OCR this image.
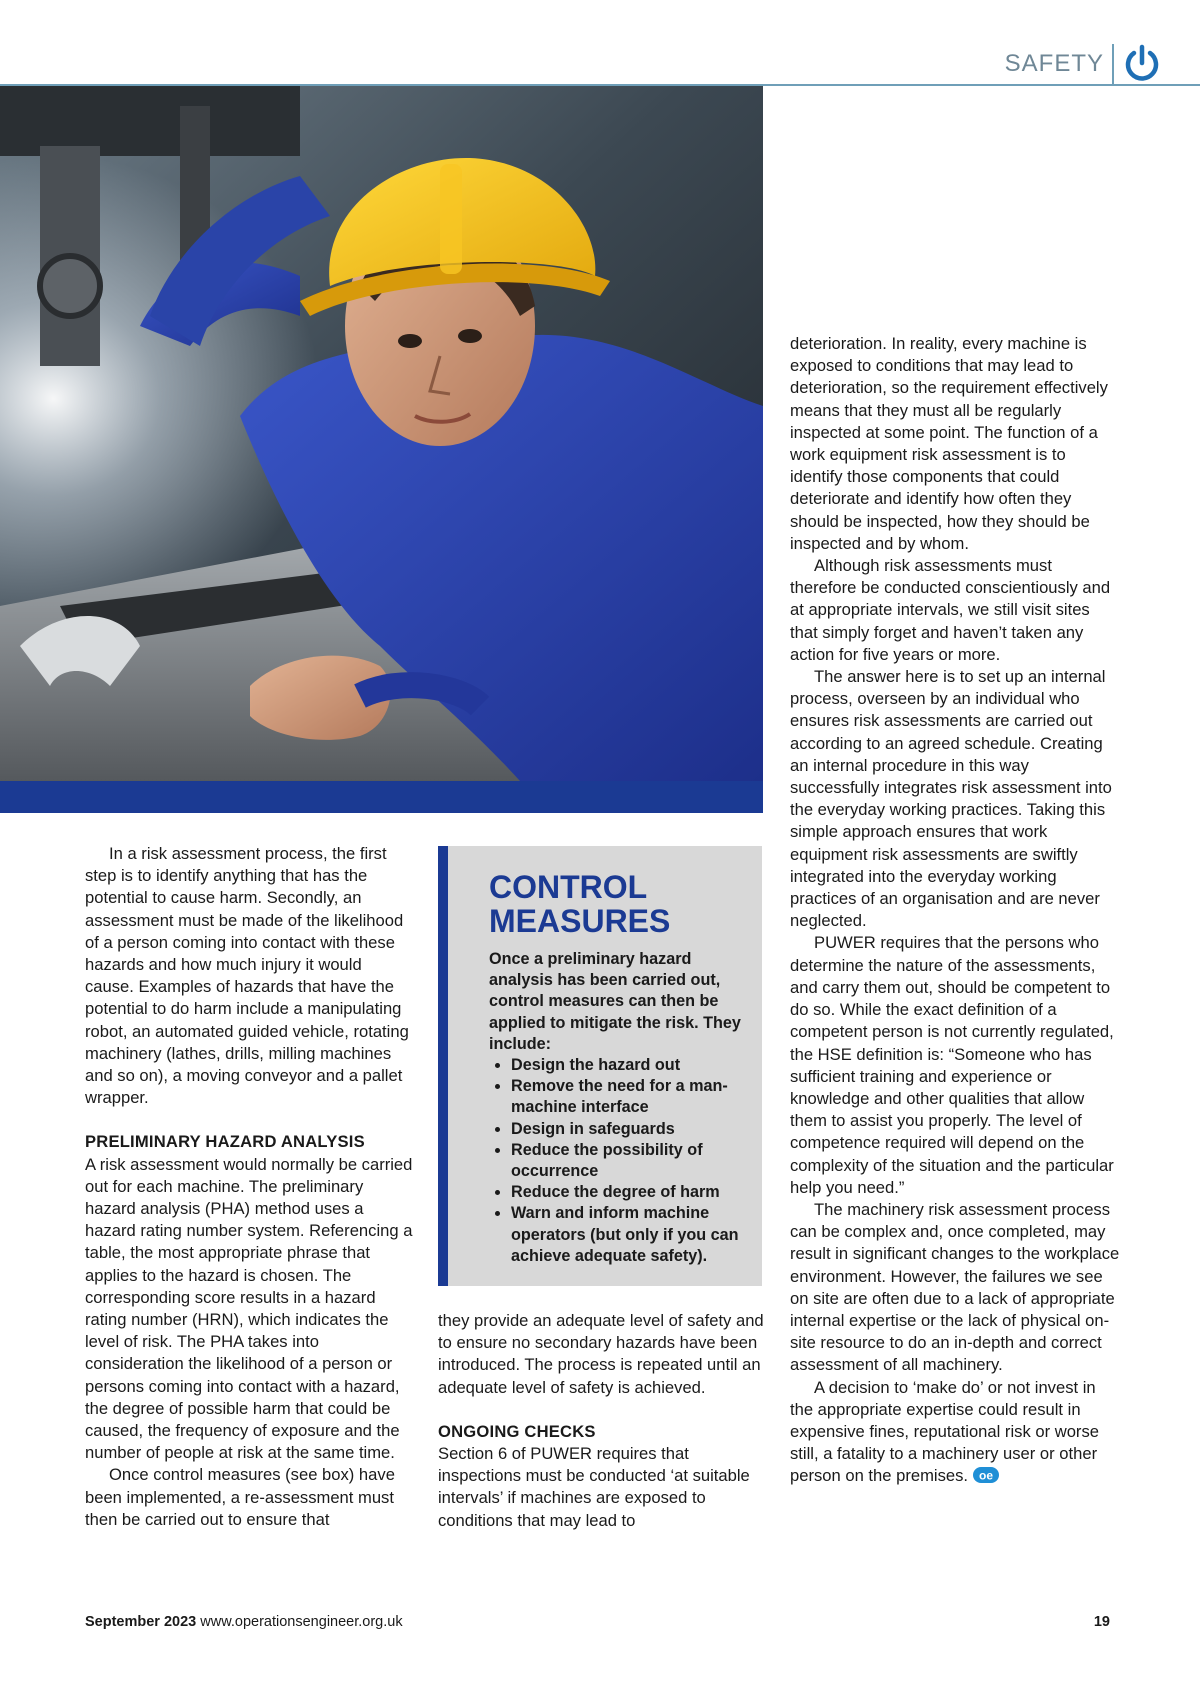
SAFETY

In a risk assessment process, the first step is to identify anything that has the potential to cause harm. Secondly, an assessment must be made of the likelihood of a person coming into contact with these hazards and how much injury it would cause. Examples of hazards that have the potential to do harm include a manipulating robot, an automated guided vehicle, rotating machinery (lathes, drills, milling machines and so on), a moving conveyor and a pallet wrapper.

PRELIMINARY HAZARD ANALYSIS

A risk assessment would normally be carried out for each machine. The preliminary hazard analysis (PHA) method uses a hazard rating number system. Referencing a table, the most appropriate phrase that applies to the hazard is chosen. The corresponding score results in a hazard rating number (HRN), which indicates the level of risk. The PHA takes into consideration the likelihood of a person or persons coming into contact with a hazard, the degree of possible harm that could be caused, the frequency of exposure and the number of people at risk at the same time.

Once control measures (see box) have been implemented, a re-assessment must then be carried out to ensure that

CONTROL MEASURES

Once a preliminary hazard analysis has been carried out, control measures can then be applied to mitigate the risk. They include:

• Design the hazard out
• Remove the need for a man-machine interface
• Design in safeguards
• Reduce the possibility of occurrence
• Reduce the degree of harm
• Warn and inform machine operators (but only if you can achieve adequate safety).

they provide an adequate level of safety and to ensure no secondary hazards have been introduced. The process is repeated until an adequate level of safety is achieved.

ONGOING CHECKS

Section 6 of PUWER requires that inspections must be conducted ‘at suitable intervals’ if machines are exposed to conditions that may lead to

deterioration. In reality, every machine is exposed to conditions that may lead to deterioration, so the requirement effectively means that they must all be regularly inspected at some point. The function of a work equipment risk assessment is to identify those components that could deteriorate and identify how often they should be inspected, how they should be inspected and by whom.

Although risk assessments must therefore be conducted conscientiously and at appropriate intervals, we still visit sites that simply forget and haven’t taken any action for five years or more.

The answer here is to set up an internal process, overseen by an individual who ensures risk assessments are carried out according to an agreed schedule. Creating an internal procedure in this way successfully integrates risk assessment into the everyday working practices. Taking this simple approach ensures that work equipment risk assessments are swiftly integrated into the everyday working practices of an organisation and are never neglected.

PUWER requires that the persons who determine the nature of the assessments, and carry them out, should be competent to do so. While the exact definition of a competent person is not currently regulated, the HSE definition is: “Someone who has sufficient training and experience or knowledge and other qualities that allow them to assist you properly. The level of competence required will depend on the complexity of the situation and the particular help you need.”

The machinery risk assessment process can be complex and, once completed, may result in significant changes to the workplace environment. However, the failures we see on site are often due to a lack of appropriate internal expertise or the lack of physical on-site resource to do an in-depth and correct assessment of all machinery.

A decision to ‘make do’ or not invest in the appropriate expertise could result in expensive fines, reputational risk or worse still, a fatality to a machinery user or other person on the premises. oe

September 2023 www.operationsengineer.org.uk	19
